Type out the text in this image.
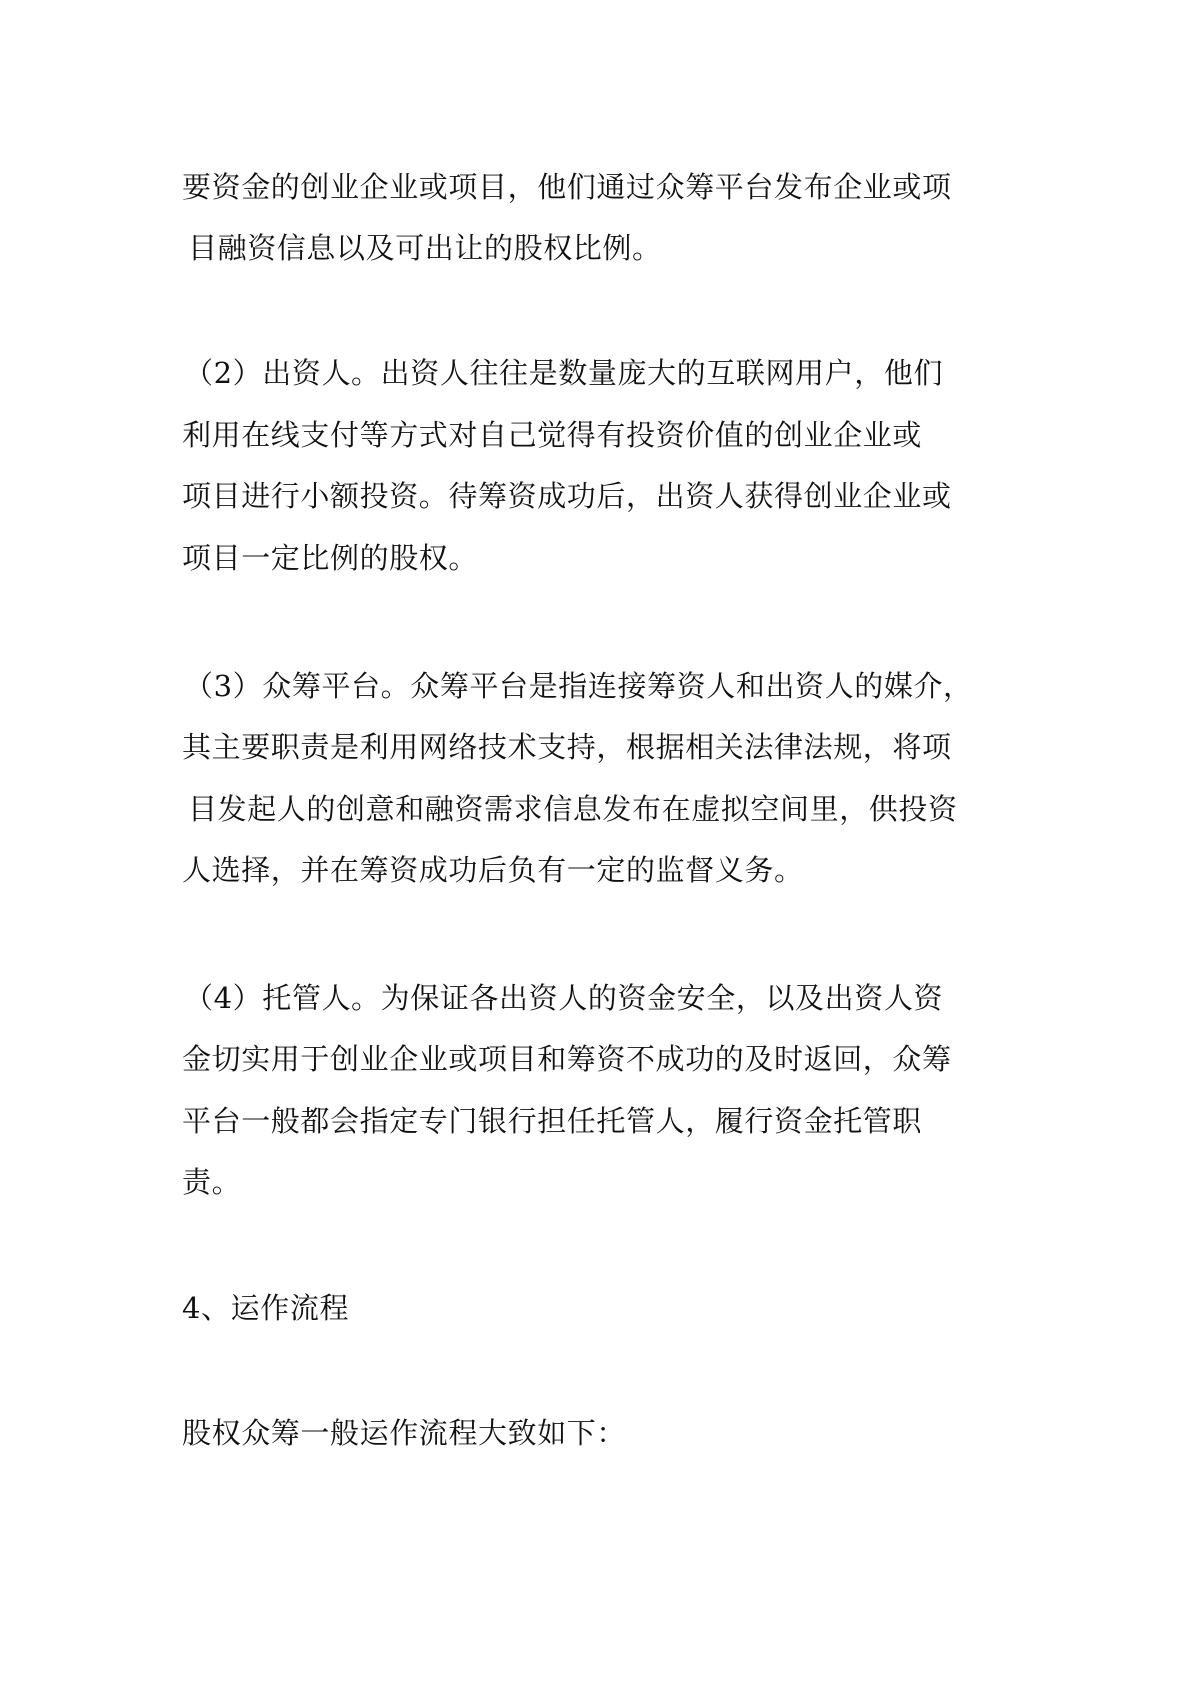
要资金的创业企业或项目，他们通过众筹平台发布企业或项
目融资信息以及可出让的股权比例。
（2）出资人。出资人往往是数量庞大的互联网用户，他们
利用在线支付等方式对自己觉得有投资价值的创业企业或
项目进行小额投资。待筹资成功后，出资人获得创业企业或
项目一定比例的股权。
（3）众筹平台。众筹平台是指连接筹资人和出资人的媒介，
其主要职责是利用网络技术支持，根据相关法律法规，将项
目发起人的创意和融资需求信息发布在虚拟空间里，供投资
人选择，并在筹资成功后负有一定的监督义务。
（4）托管人。为保证各出资人的资金安全，以及出资人资
金切实用于创业企业或项目和筹资不成功的及时返回，众筹
平台一般都会指定专门银行担任托管人，履行资金托管职
责。
4、运作流程
股权众筹一般运作流程大致如下：
